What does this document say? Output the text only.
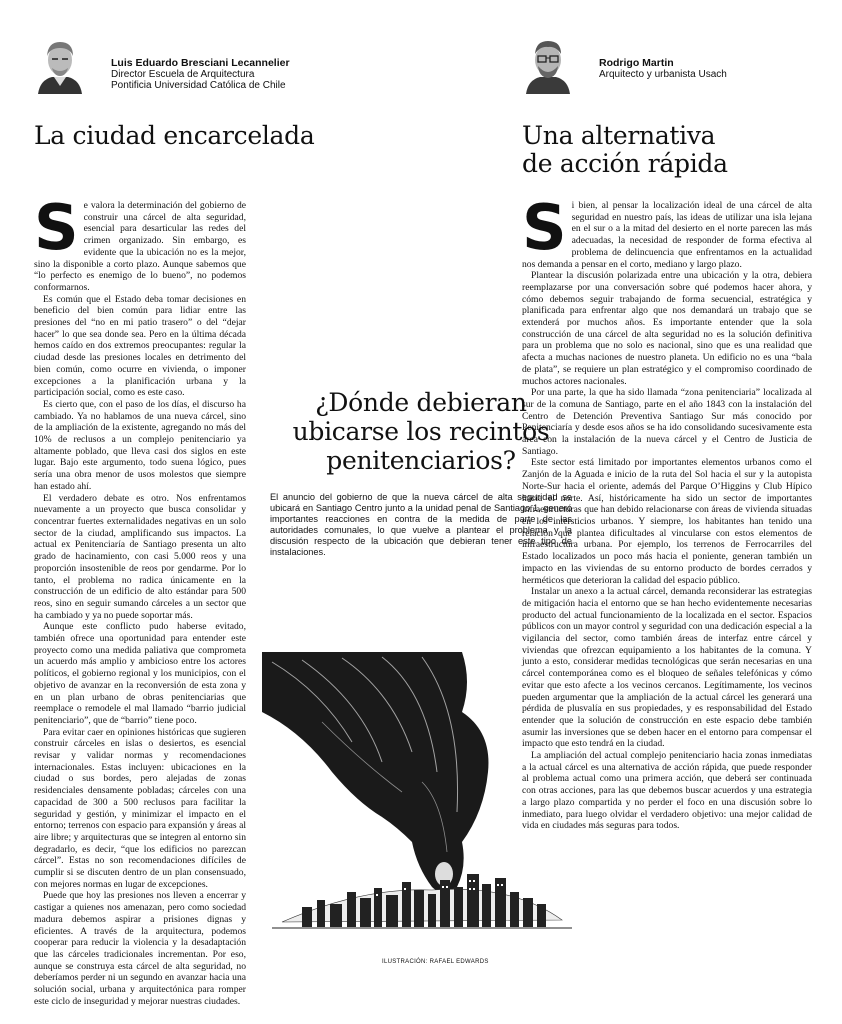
Luis Eduardo Bresciani Lecannelier
Director Escuela de Arquitectura
Pontificia Universidad Católica de Chile
Rodrigo Martin
Arquitecto y urbanista Usach
La ciudad encarcelada	Una alternativa de acción rápida

Se valora la determinación del gobierno de construir una cárcel de alta seguridad, esencial para desarticular las redes del crimen organizado. Sin embargo, es evidente que la ubicación no es la mejor, sino la disponible a corto plazo. Aunque sabemos que “lo perfecto es enemigo de lo bueno”, no podemos conformarnos.

Es común que el Estado deba tomar decisiones en beneficio del bien común para lidiar entre las presiones del “no en mi patio trasero” o del “dejar hacer” lo que sea donde sea. Pero en la última década hemos caído en dos extremos preocupantes: regular la ciudad desde las presiones locales en detrimento del bien común, como ocurre en vivienda, o imponer excepciones a la planificación urbana y la participación social, como es este caso.

Es cierto que, con el paso de los días, el discurso ha cambiado. Ya no hablamos de una nueva cárcel, sino de la ampliación de la existente, agregando no más del 10% de reclusos a un complejo penitenciario ya altamente poblado, que lleva casi dos siglos en este lugar. Bajo este argumento, todo suena lógico, pues sería una obra menor de usos molestos que siempre han estado ahí.

El verdadero debate es otro. Nos enfrentamos nuevamente a un proyecto que busca consolidar y concentrar fuertes externalidades negativas en un solo sector de la ciudad, amplificando sus impactos. La actual ex Penitenciaría de Santiago presenta un alto grado de hacinamiento, con casi 5.000 reos y una proporción insostenible de reos por gendarme. Por lo tanto, el problema no radica únicamente en la construcción de un edificio de alto estándar para 500 reos, sino en seguir sumando cárceles a un sector que ha cambiado y ya no puede soportar más.

Aunque este conflicto pudo haberse evitado, también ofrece una oportunidad para entender este proyecto como una medida paliativa que comprometa un acuerdo más amplio y ambicioso entre los actores políticos, el gobierno regional y los municipios, con el objetivo de avanzar en la reconversión de esta zona y en un plan urbano de obras penitenciarias que reemplace o remodele el mal llamado “barrio judicial penitenciario”, que de “barrio” tiene poco.

Para evitar caer en opiniones históricas que sugieren construir cárceles en islas o desiertos, es esencial revisar y validar normas y recomendaciones internacionales. Estas incluyen: ubicaciones en la ciudad o sus bordes, pero alejadas de zonas residenciales densamente pobladas; cárceles con una capacidad de 300 a 500 reclusos para facilitar la seguridad y gestión, y minimizar el impacto en el entorno; terrenos con espacio para expansión y áreas al aire libre; y arquitecturas que se integren al entorno sin degradarlo, es decir, “que los edificios no parezcan cárcel”. Estas no son recomendaciones difíciles de cumplir si se discuten dentro de un plan consensuado, con mejores normas en lugar de excepciones.

Puede que hoy las presiones nos lleven a encerrar y castigar a quienes nos amenazan, pero como sociedad madura debemos aspirar a prisiones dignas y eficientes. A través de la arquitectura, podemos cooperar para reducir la violencia y la desadaptación que las cárceles tradicionales incrementan. Por eso, aunque se construya esta cárcel de alta seguridad, no deberíamos perder ni un segundo en avanzar hacia una solución social, urbana y arquitectónica para romper este ciclo de inseguridad y mejorar nuestras ciudades.

¿Dónde debieran ubicarse los recintos penitenciarios?
El anuncio del gobierno de que la nueva cárcel de alta seguridad se ubicará en Santiago Centro junto a la unidad penal de Santiago 1, generó importantes reacciones en contra de la medida de parte de las autoridades comunales, lo que vuelve a plantear el problema y la discusión respecto de la ubicación que debieran tener este tipo de instalaciones.
ILUSTRACIÓN: RAFAEL EDWARDS

Si bien, al pensar la localización ideal de una cárcel de alta seguridad en nuestro país, las ideas de utilizar una isla lejana en el sur o a la mitad del desierto en el norte parecen las más adecuadas, la necesidad de responder de forma efectiva al problema de delincuencia que enfrentamos en la actualidad nos demanda a pensar en el corto, mediano y largo plazo.

Plantear la discusión polarizada entre una ubicación y la otra, debiera reemplazarse por una conversación sobre qué podemos hacer ahora, y cómo debemos seguir trabajando de forma secuencial, estratégica y planificada para enfrentar algo que nos demandará un trabajo que se extenderá por muchos años. Es importante entender que la sola construcción de una cárcel de alta seguridad no es la solución definitiva para un problema que no solo es nacional, sino que es una realidad que afecta a muchas naciones de nuestro planeta. Un edificio no es una “bala de plata”, se requiere un plan estratégico y el compromiso coordinado de muchos actores nacionales.

Por una parte, la que ha sido llamada “zona penitenciaria” localizada al sur de la comuna de Santiago, parte en el año 1843 con la instalación del Centro de Detención Preventiva Santiago Sur más conocido por Penitenciaría y desde esos años se ha ido consolidando sucesivamente esta área con la instalación de la nueva cárcel y el Centro de Justicia de Santiago.

Este sector está limitado por importantes elementos urbanos como el Zanjón de la Aguada e inicio de la ruta del Sol hacia el sur y la autopista Norte-Sur hacia el oriente, además del Parque O’Higgins y Club Hípico hacia el norte. Así, históricamente ha sido un sector de importantes infraestructuras que han debido relacionarse con áreas de vivienda situadas en los intersticios urbanos. Y siempre, los habitantes han tenido una relación que plantea dificultades al vincularse con estos elementos de infraestructura urbana. Por ejemplo, los terrenos de Ferrocarriles del Estado localizados un poco más hacia el poniente, generan también un impacto en las viviendas de su entorno producto de bordes cerrados y herméticos que deterioran la calidad del espacio público.

Instalar un anexo a la actual cárcel, demanda reconsiderar las estrategias de mitigación hacia el entorno que se han hecho evidentemente necesarias producto del actual funcionamiento de la localizada en el sector. Espacios públicos con un mayor control y seguridad con una dedicación especial a la vigilancia del sector, como también áreas de interfaz entre cárcel y viviendas que ofrezcan equipamiento a los habitantes de la comuna. Y junto a esto, considerar medidas tecnológicas que serán necesarias en una cárcel contemporánea como es el bloqueo de señales telefónicas y cómo evitar que esto afecte a los vecinos cercanos. Legítimamente, los vecinos pueden argumentar que la ampliación de la actual cárcel les generará una pérdida de plusvalía en sus propiedades, y es responsabilidad del Estado entender que la solución de construcción en este espacio debe también asumir las inversiones que se deben hacer en el entorno para compensar el impacto que esto tendrá en la ciudad.

La ampliación del actual complejo penitenciario hacia zonas inmediatas a la actual cárcel es una alternativa de acción rápida, que puede responder al problema actual como una primera acción, que deberá ser continuada con otras acciones, para las que debemos buscar acuerdos y una estrategia a largo plazo compartida y no perder el foco en una discusión sobre lo inmediato, para luego olvidar el verdadero objetivo: una mejor calidad de vida en ciudades más seguras para todos.
